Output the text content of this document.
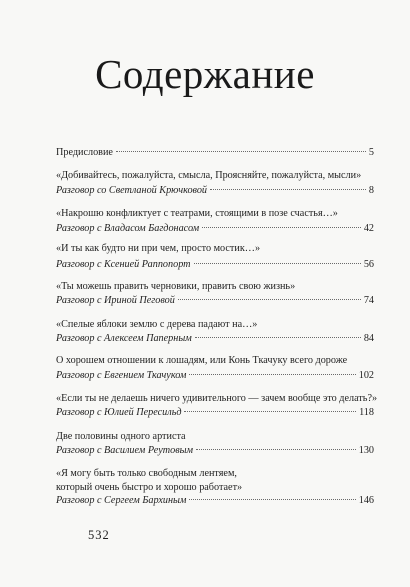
Содержание
Предисловие	5
«Добивайтесь, пожалуйста, смысла, Проясняйте, пожалуйста, мысли»
Разговор со Светланой Крючковой	8
«Накрошю конфликтует с театрами, стоящими в позе счастья…»
Разговор с Владасом Багдонасом	42
«И ты как будто ни при чем, просто мостик…»
Разговор с Ксенией Раппопорт	56
«Ты можешь править черновики, править свою жизнь»
Разговор с Ириной Пеговой	74
«Спелые яблоки землю с дерева падают на…»
Разговор с Алексеем Паперным	84
О хорошем отношении к лошадям, или Конь Ткачуку всего дороже
Разговор с Евгением Ткачуком	102
«Если ты не делаешь ничего удивительного — зачем вообще это делать?»
Разговор с Юлией Пересильд	118
Две половины одного артиста
Разговор с Василием Реутовым	130
«Я могу быть только свободным лентяем,
который очень быстро и хорошо работает»
Разговор с Сергеем Бархиным	146
532
